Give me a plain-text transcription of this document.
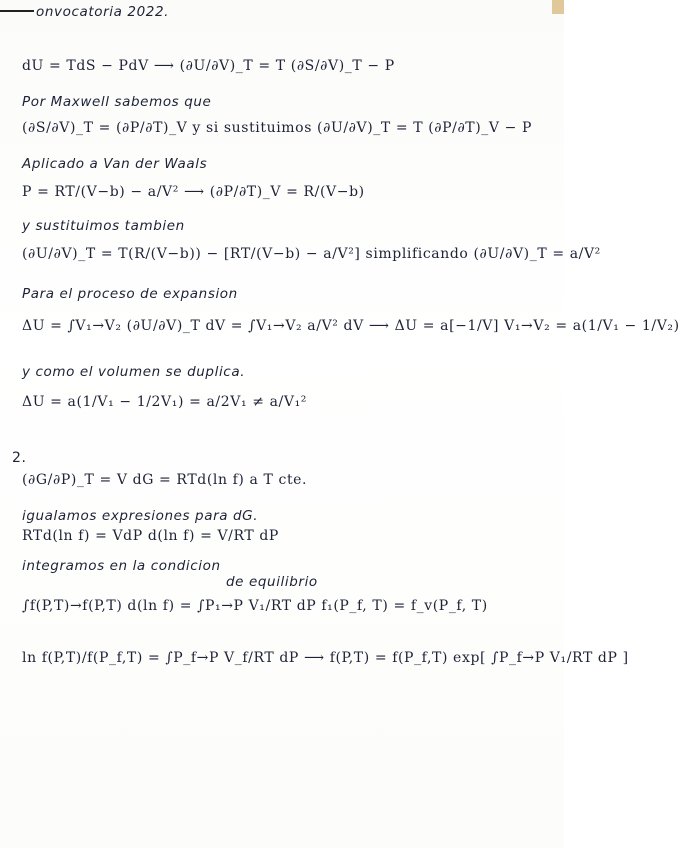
onvocatoria 2022.
dU = TdS − PdV ⟶ (∂U/∂V)_T = T (∂S/∂V)_T − P
Por Maxwell sabemos que
(∂S/∂V)_T = (∂P/∂T)_V y si sustituimos (∂U/∂V)_T = T (∂P/∂T)_V − P
Aplicado a Van der Waals
P = RT/(V−b) − a/V² ⟶ (∂P/∂T)_V = R/(V−b)
y sustituimos tambien
(∂U/∂V)_T = T(R/(V−b)) − [RT/(V−b) − a/V²] simplificando (∂U/∂V)_T = a/V²
Para el proceso de expansion
ΔU = ∫V₁→V₂ (∂U/∂V)_T dV = ∫V₁→V₂ a/V² dV ⟶ ΔU = a[−1/V] V₁→V₂ = a(1/V₁ − 1/V₂)
y como el volumen se duplica.
ΔU = a(1/V₁ − 1/2V₁) = a/2V₁ ≠ a/V₁²
2.
(∂G/∂P)_T = V dG = RTd(ln f) a T cte.
igualamos expresiones para dG.
RTd(ln f) = VdP d(ln f) = V/RT dP
integramos en la condicion
de equilibrio
∫f(P,T)→f(P,T) d(ln f) = ∫P₁→P V₁/RT dP f₁(P_f, T) = f_v(P_f, T)
ln f(P,T)/f(P_f,T) = ∫P_f→P V_f/RT dP ⟶ f(P,T) = f(P_f,T) exp[ ∫P_f→P V₁/RT dP ]
